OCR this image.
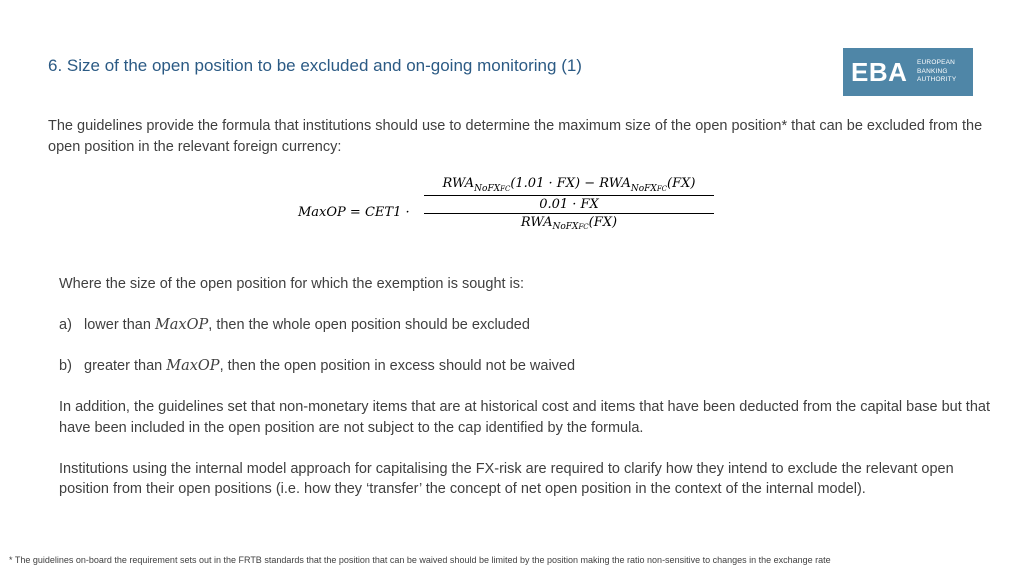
6. Size of the open position to be excluded and on-going monitoring (1)	EBA	EUROPEAN
BANKING
AUTHORITY
The guidelines provide the formula that institutions should use to determine the maximum size of the open position* that can be excluded from the open position in the relevant foreign currency:
MaxOP = CET1 ·
$RWA_{NoFXFC}(1.01 \cdot FX) - RWA_{NoFXFC}(FX)$
0.01 · FX
$RWA_{NoFXFC}(FX)$

Where the size of the open position for which the exemption is sought is:

a) lower than MaxOP, then the whole open position should be excluded
b) greater than MaxOP, then the open position in excess should not be waived

In addition, the guidelines set that non-monetary items that are at historical cost and items that have been deducted from the capital base but that have been included in the open position are not subject to the cap identified by the formula.

Institutions using the internal model approach for capitalising the FX-risk are required to clarify how they intend to exclude the relevant open position from their open positions (i.e. how they ‘transfer’ the concept of net open position in the context of the internal model).

* The guidelines on-board the requirement sets out in the FRTB standards that the position that can be waived should be limited by the position making the ratio non-sensitive to changes in the exchange rate
